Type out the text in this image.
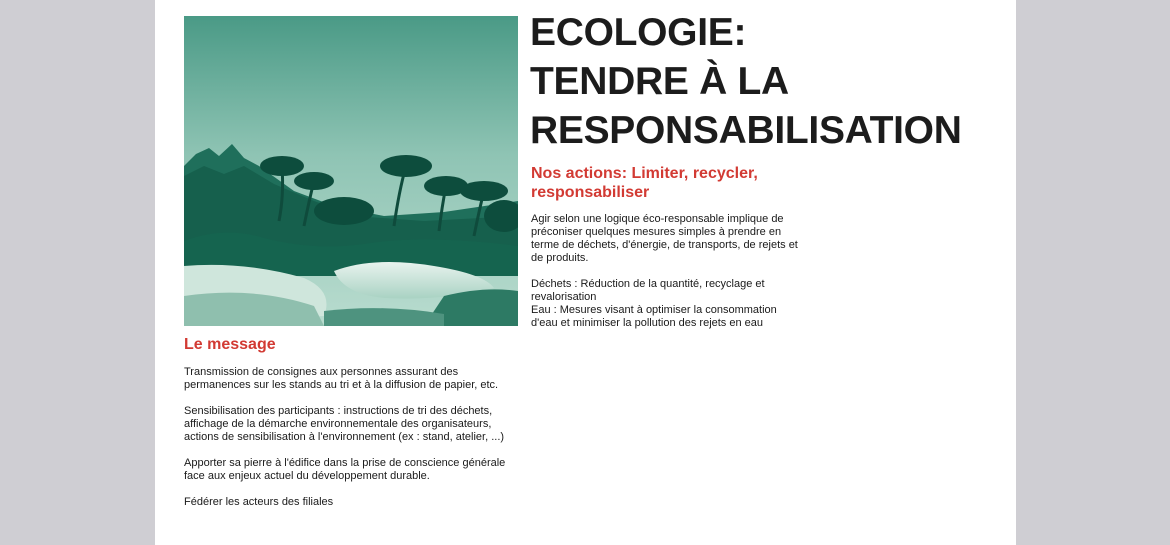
ECOLOGIE:
TENDRE À LA
RESPONSABILISATION
Nos actions: Limiter, recycler, responsabiliser

Agir selon une logique éco-responsable implique de préconiser quelques mesures simples à prendre en terme de déchets, d'énergie, de transports, de rejets et de produits.

Déchets : Réduction de la quantité, recyclage et revalorisation

Eau : Mesures visant à optimiser la consommation d'eau et minimiser la pollution des rejets en eau

Le message

Transmission de consignes aux personnes assurant des permanences sur les stands au tri et à la diffusion de papier, etc.

Sensibilisation des participants : instructions de tri des déchets, affichage de la démarche environnementale des organisateurs, actions de sensibilisation à l'environnement (ex : stand, atelier, ...)

Apporter sa pierre à l'édifice dans la prise de conscience générale face aux enjeux actuel du développement durable.

Fédérer les acteurs des filiales
